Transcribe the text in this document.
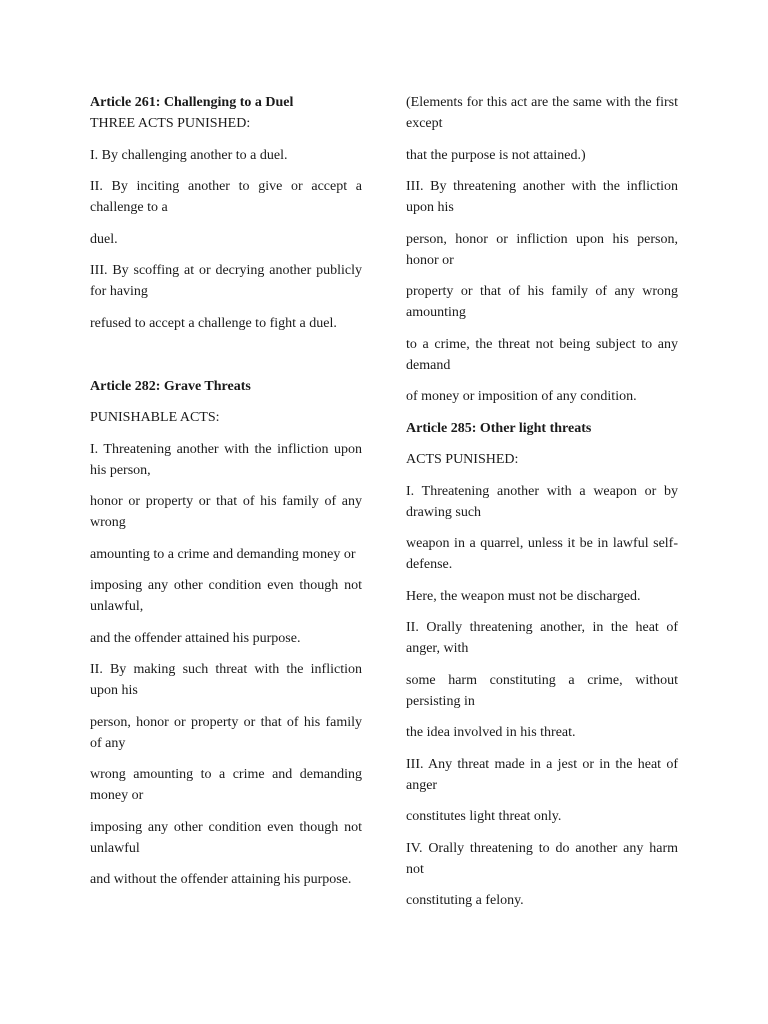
Article 261: Challenging to a Duel

THREE ACTS PUNISHED:

I. By challenging another to a duel.

II. By inciting another to give or accept a challenge to a

duel.

III. By scoffing at or decrying another publicly for having

refused to accept a challenge to fight a duel.

Article 282: Grave Threats

PUNISHABLE ACTS:

I. Threatening another with the infliction upon his person,

honor or property or that of his family of any wrong

amounting to a crime and demanding money or

imposing any other condition even though not unlawful,

and the offender attained his purpose.

II. By making such threat with the infliction upon his

person, honor or property or that of his family of any

wrong amounting to a crime and demanding money or

imposing any other condition even though not unlawful

and without the offender attaining his purpose.

(Elements for this act are the same with the first except

that the purpose is not attained.)

III. By threatening another with the infliction upon his

person, honor or infliction upon his person, honor or

property or that of his family of any wrong amounting

to a crime, the threat not being subject to any demand

of money or imposition of any condition.

Article 285: Other light threats

ACTS PUNISHED:

I. Threatening another with a weapon or by drawing such

weapon in a quarrel, unless it be in lawful self-defense.

Here, the weapon must not be discharged.

II. Orally threatening another, in the heat of anger, with

some harm constituting a crime, without persisting in

the idea involved in his threat.

III. Any threat made in a jest or in the heat of anger

constitutes light threat only.

IV. Orally threatening to do another any harm not

constituting a felony.
